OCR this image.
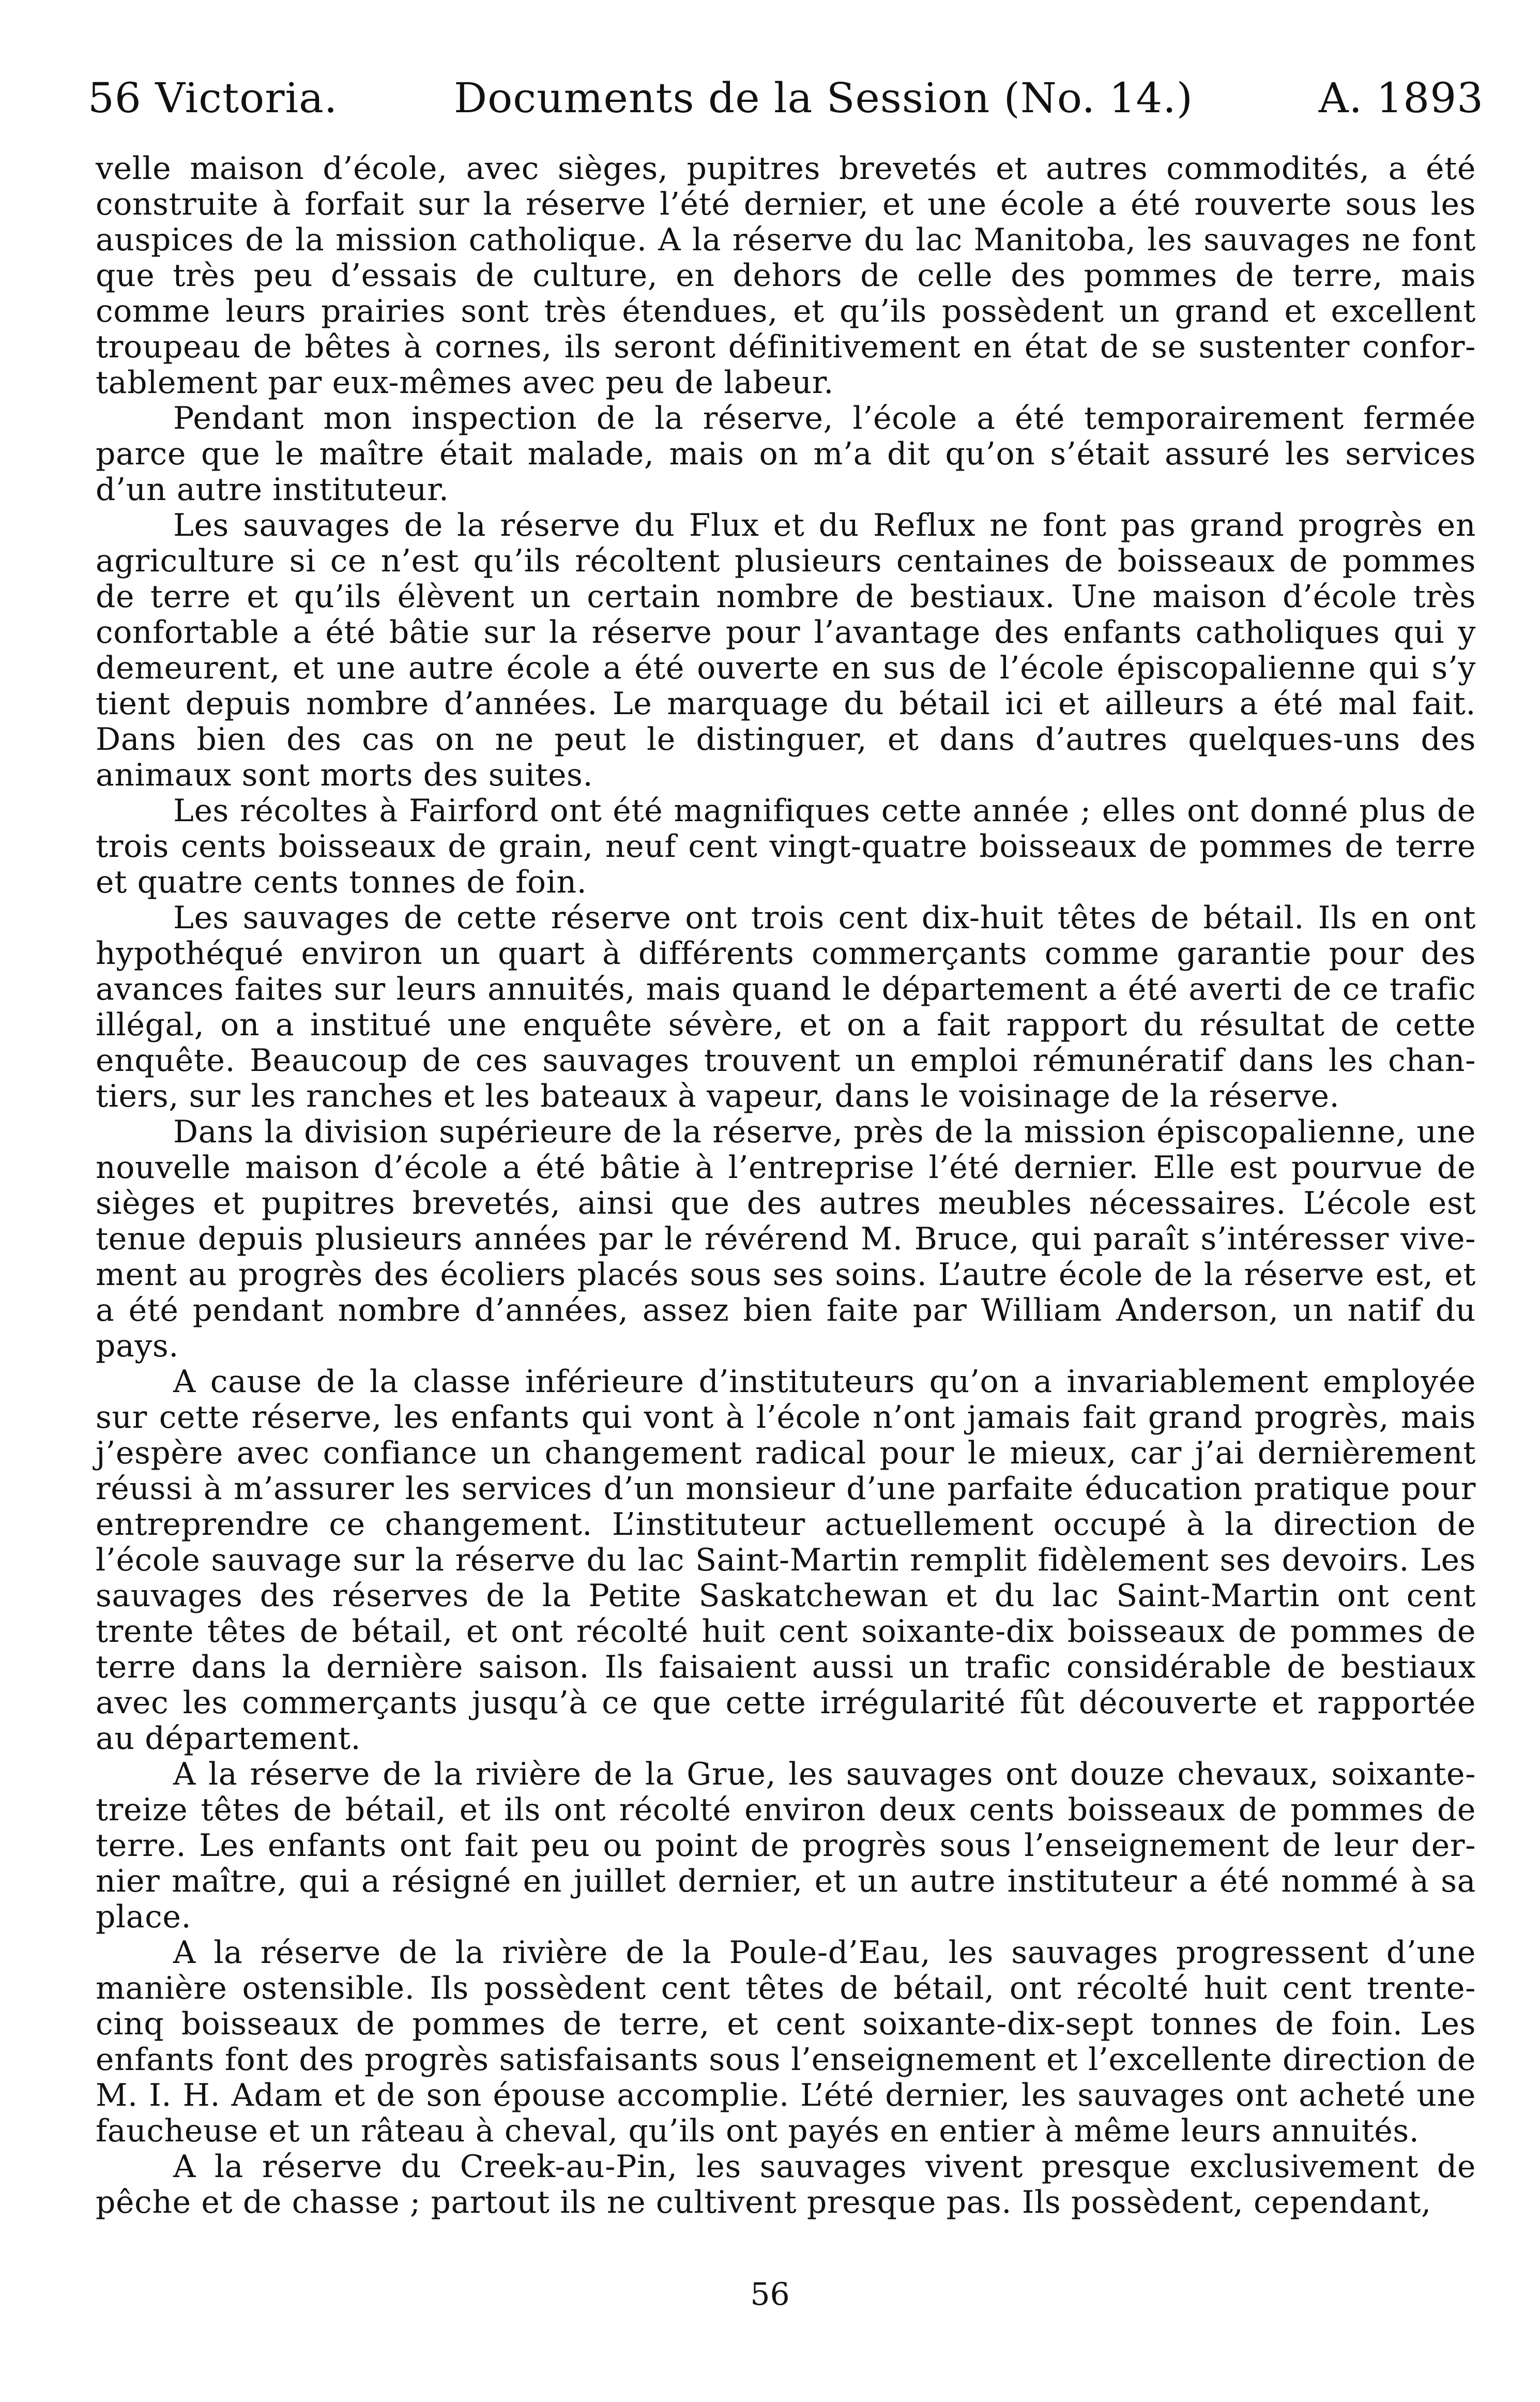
56 Victoria.	Documents de la Session (No. 14.)	A. 1893

velle maison d’école, avec sièges, pupitres brevetés et autres commodités, a été construite à forfait sur la réserve l’été dernier, et une école a été rouverte sous les auspices de la mission catholique. A la réserve du lac Manitoba, les sauvages ne font que très peu d’essais de culture, en dehors de celle des pommes de terre, mais comme leurs prairies sont très étendues, et qu’ils possèdent un grand et excellent troupeau de bêtes à cornes, ils seront définitivement en état de se sustenter confor-tablement par eux-mêmes avec peu de labeur.

Pendant mon inspection de la réserve, l’école a été temporairement fermée parce que le maître était malade, mais on m’a dit qu’on s’était assuré les services d’un autre instituteur.

Les sauvages de la réserve du Flux et du Reflux ne font pas grand progrès en agriculture si ce n’est qu’ils récoltent plusieurs centaines de boisseaux de pommes de terre et qu’ils élèvent un certain nombre de bestiaux. Une maison d’école très confortable a été bâtie sur la réserve pour l’avantage des enfants catholiques qui y demeurent, et une autre école a été ouverte en sus de l’école épiscopalienne qui s’y tient depuis nombre d’années. Le marquage du bétail ici et ailleurs a été mal fait. Dans bien des cas on ne peut le distinguer, et dans d’autres quelques-uns des animaux sont morts des suites.

Les récoltes à Fairford ont été magnifiques cette année ; elles ont donné plus de trois cents boisseaux de grain, neuf cent vingt-quatre boisseaux de pommes de terre et quatre cents tonnes de foin.

Les sauvages de cette réserve ont trois cent dix-huit têtes de bétail. Ils en ont hypothéqué environ un quart à différents commerçants comme garantie pour des avances faites sur leurs annuités, mais quand le département a été averti de ce trafic illégal, on a institué une enquête sévère, et on a fait rapport du résultat de cette enquête. Beaucoup de ces sauvages trouvent un emploi rémunératif dans les chan-tiers, sur les ranches et les bateaux à vapeur, dans le voisinage de la réserve.

Dans la division supérieure de la réserve, près de la mission épiscopalienne, une nouvelle maison d’école a été bâtie à l’entreprise l’été dernier. Elle est pourvue de sièges et pupitres brevetés, ainsi que des autres meubles nécessaires. L’école est tenue depuis plusieurs années par le révérend M. Bruce, qui paraît s’intéresser vive-ment au progrès des écoliers placés sous ses soins. L’autre école de la réserve est, et a été pendant nombre d’années, assez bien faite par William Anderson, un natif du pays.

A cause de la classe inférieure d’instituteurs qu’on a invariablement employée sur cette réserve, les enfants qui vont à l’école n’ont jamais fait grand progrès, mais j’espère avec confiance un changement radical pour le mieux, car j’ai dernièrement réussi à m’assurer les services d’un monsieur d’une parfaite éducation pratique pour entreprendre ce changement. L’instituteur actuellement occupé à la direction de l’école sauvage sur la réserve du lac Saint-Martin remplit fidèlement ses devoirs. Les sauvages des réserves de la Petite Saskatchewan et du lac Saint-Martin ont cent trente têtes de bétail, et ont récolté huit cent soixante-dix boisseaux de pommes de terre dans la dernière saison. Ils faisaient aussi un trafic considérable de bestiaux avec les commerçants jusqu’à ce que cette irrégularité fût découverte et rapportée au département.

A la réserve de la rivière de la Grue, les sauvages ont douze chevaux, soixante-treize têtes de bétail, et ils ont récolté environ deux cents boisseaux de pommes de terre. Les enfants ont fait peu ou point de progrès sous l’enseignement de leur der-nier maître, qui a résigné en juillet dernier, et un autre instituteur a été nommé à sa place.

A la réserve de la rivière de la Poule-d’Eau, les sauvages progressent d’une manière ostensible. Ils possèdent cent têtes de bétail, ont récolté huit cent trente-cinq boisseaux de pommes de terre, et cent soixante-dix-sept tonnes de foin. Les enfants font des progrès satisfaisants sous l’enseignement et l’excellente direction de M. I. H. Adam et de son épouse accomplie. L’été dernier, les sauvages ont acheté une faucheuse et un râteau à cheval, qu’ils ont payés en entier à même leurs annuités.

A la réserve du Creek-au-Pin, les sauvages vivent presque exclusivement de pêche et de chasse ; partout ils ne cultivent presque pas. Ils possèdent, cependant,

56
